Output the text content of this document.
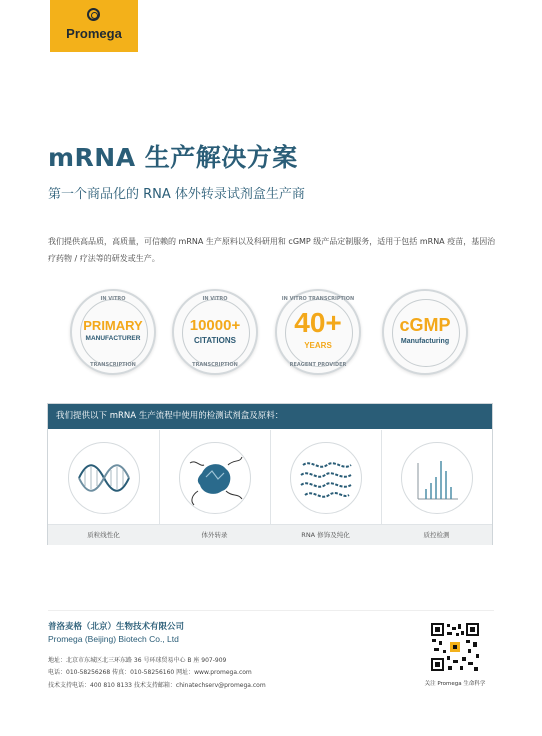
Promega
mRNA 生产解决方案
第一个商品化的 RNA 体外转录试剂盒生产商
我们提供高品质，高质量，可信赖的 mRNA 生产原料以及科研用和 cGMP 级产品定制服务，适用于包括 mRNA 疫苗，基因治疗药物 / 疗法等的研发或生产。
IN VITRO
PRIMARY
MANUFACTURER
TRANSCRIPTION
IN VITRO
10000+
CITATIONS
TRANSCRIPTION
IN VITRO TRANSCRIPTION
40+
YEARS
REAGENT PROVIDER
cGMP
Manufacturing
我们提供以下 mRNA 生产流程中使用的检测试剂盒及原料：
质粒线性化	体外转录	RNA 修饰及纯化	质控检测
普洛麦格（北京）生物技术有限公司
Promega (Beijing) Biotech Co., Ltd
地址：北京市东城区北三环东路 36 号环球贸易中心 B 座 907-909
电话：010-58256268 传真：010-58256160 网址：www.promega.com
技术支持电话：400 810 8133 技术支持邮箱：chinatechserv@promega.com	关注 Promega 生命科学
